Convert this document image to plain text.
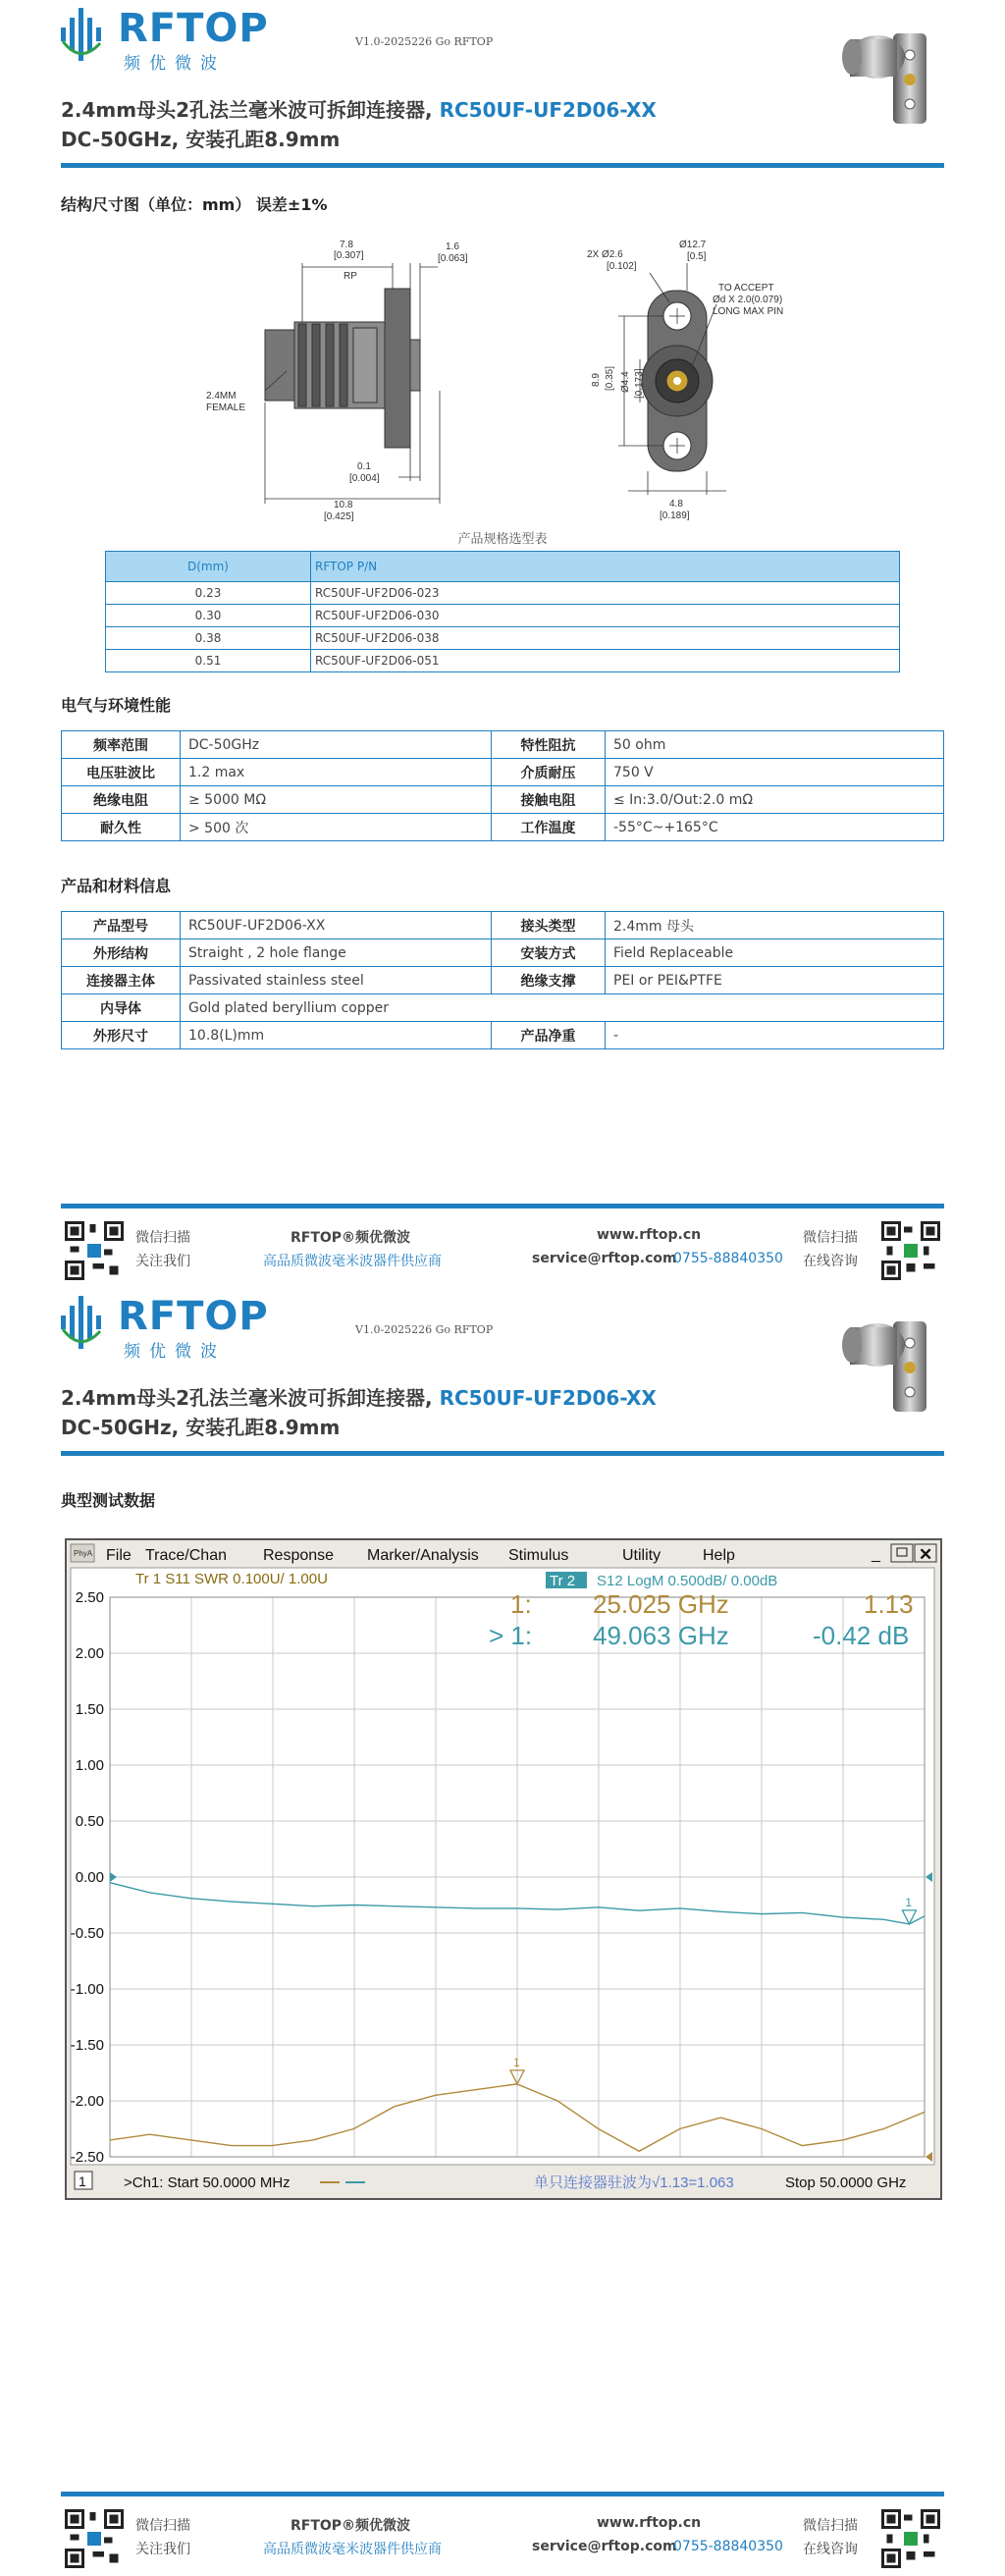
RFTOP
频优微波
V1.0-2025226 Go RFTOP
2.4mm母头2孔法兰毫米波可拆卸连接器, RC50UF-UF2D06-XX
DC-50GHz, 安装孔距8.9mm
结构尺寸图（单位：mm） 误差±1%
7.8
[0.307]
RP
1.6
[0.063]
2.4MM
FEMALE
0.1
[0.004]
10.8
[0.425]
2X Ø2.6
[0.102]
Ø12.7
[0.5]
TO ACCEPT
Ød X 2.0(0.079)
LONG MAX PIN
8.9 [0.35] Ø4.4 [0.173]
4.8
[0.189]
产品规格选型表
D(mm)	RFTOP P/N
0.23	RC50UF-UF2D06-023
0.30	RC50UF-UF2D06-030
0.38	RC50UF-UF2D06-038
0.51	RC50UF-UF2D06-051
电气与环境性能
频率范围	DC-50GHz	特性阻抗	50 ohm
电压驻波比	1.2 max	介质耐压	750 V
绝缘电阻	≥ 5000 MΩ	接触电阻	≤ In:3.0/Out:2.0 mΩ
耐久性	> 500 次	工作温度	-55°C~+165°C
产品和材料信息
产品型号	RC50UF-UF2D06-XX	接头类型	2.4mm 母头
外形结构	Straight , 2 hole flange	安装方式	Field Replaceable
连接器主体	Passivated stainless steel	绝缘支撑	PEI or PEI&PTFE
内导体	Gold plated beryllium copper		
外形尺寸	10.8(L)mm	产品净重	-
微信扫描
关注我们
RFTOP®频优微波
高品质微波毫米波器件供应商
www.rftop.cn
service@rftop.com
0755-88840350
微信扫描
在线咨询
RFTOP
频优微波
V1.0-2025226 Go RFTOP
2.4mm母头2孔法兰毫米波可拆卸连接器, RC50UF-UF2D06-XX
DC-50GHz, 安装孔距8.9mm
典型测试数据
PhyA File Trace/Chan Response Marker/Analysis Stimulus	Utility	Help	_ ✕
2.50
2.00
1.50
1.00
0.50
0.00
-0.50
-1.00
-1.50
-2.00
-2.50
Tr 1 S11 SWR 0.100U/ 1.00U	Tr 2 S12 LogM 0.500dB/ 0.00dB
1: 25.025 GHz	1.13
> 1: 49.063 GHz	-0.42 dB
1
1
1	>Ch1: Start 50.0000 MHz	单只连接器驻波为√1.13=1.063	Stop 50.0000 GHz
微信扫描
关注我们
RFTOP®频优微波
高品质微波毫米波器件供应商
www.rftop.cn
service@rftop.com
0755-88840350
微信扫描
在线咨询
